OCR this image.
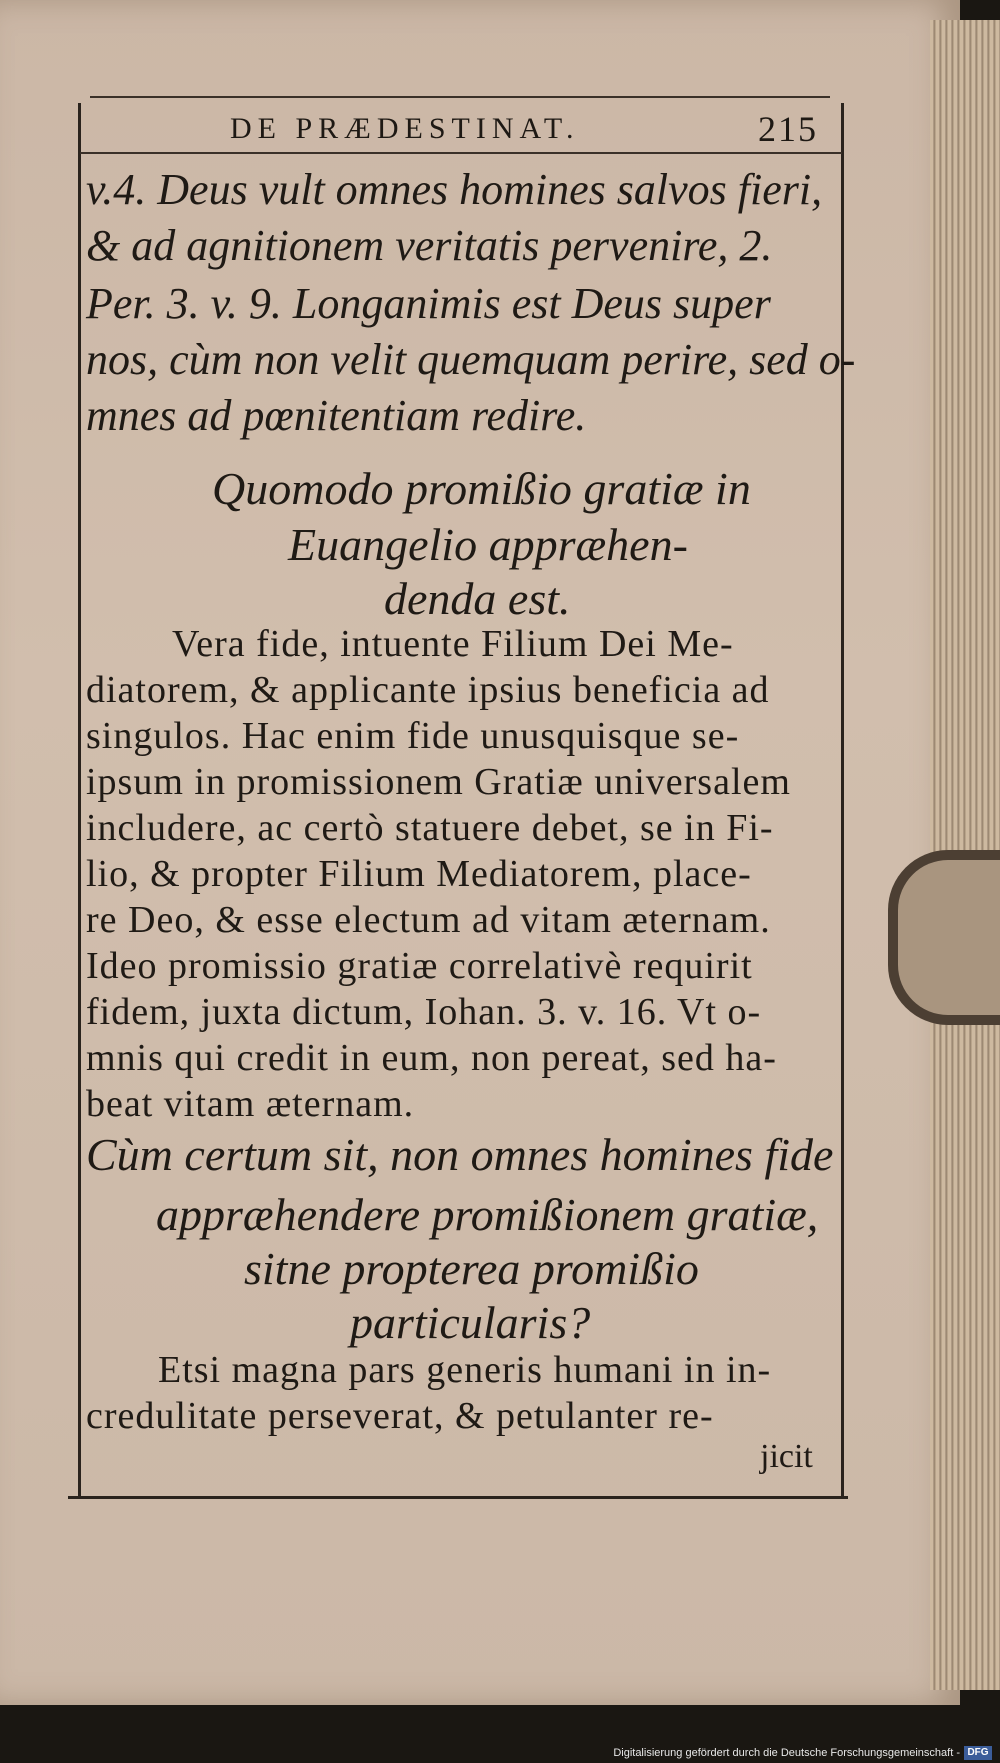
DE PRÆDESTINAT.	215
v.4. Deus vult omnes homines salvos fieri,
& ad agnitionem veritatis pervenire, 2.
Per. 3. v. 9. Longanimis est Deus super
nos, cùm non velit quemquam perire, sed o-
mnes ad pœnitentiam redire.
Quomodo promißio gratiæ in
Euangelio appræhen-
denda est.
Vera fide, intuente Filium Dei Me-
diatorem, & applicante ipsius beneficia ad
singulos. Hac enim fide unusquisque se-
ipsum in promissionem Gratiæ universalem
includere, ac certò statuere debet, se in Fi-
lio, & propter Filium Mediatorem, place-
re Deo, & esse electum ad vitam æternam.
Ideo promissio gratiæ correlativè requirit
fidem, juxta dictum, Iohan. 3. v. 16. Vt o-
mnis qui credit in eum, non pereat, sed ha-
beat vitam æternam.
Cùm certum sit, non omnes homines fide
appræhendere promißionem gratiæ,
sitne propterea promißio
particularis?
Etsi magna pars generis humani in in-
credulitate perseverat, & petulanter re-
jicit
Digitalisierung gefördert durch die Deutsche Forschungsgemeinschaft - DFG
